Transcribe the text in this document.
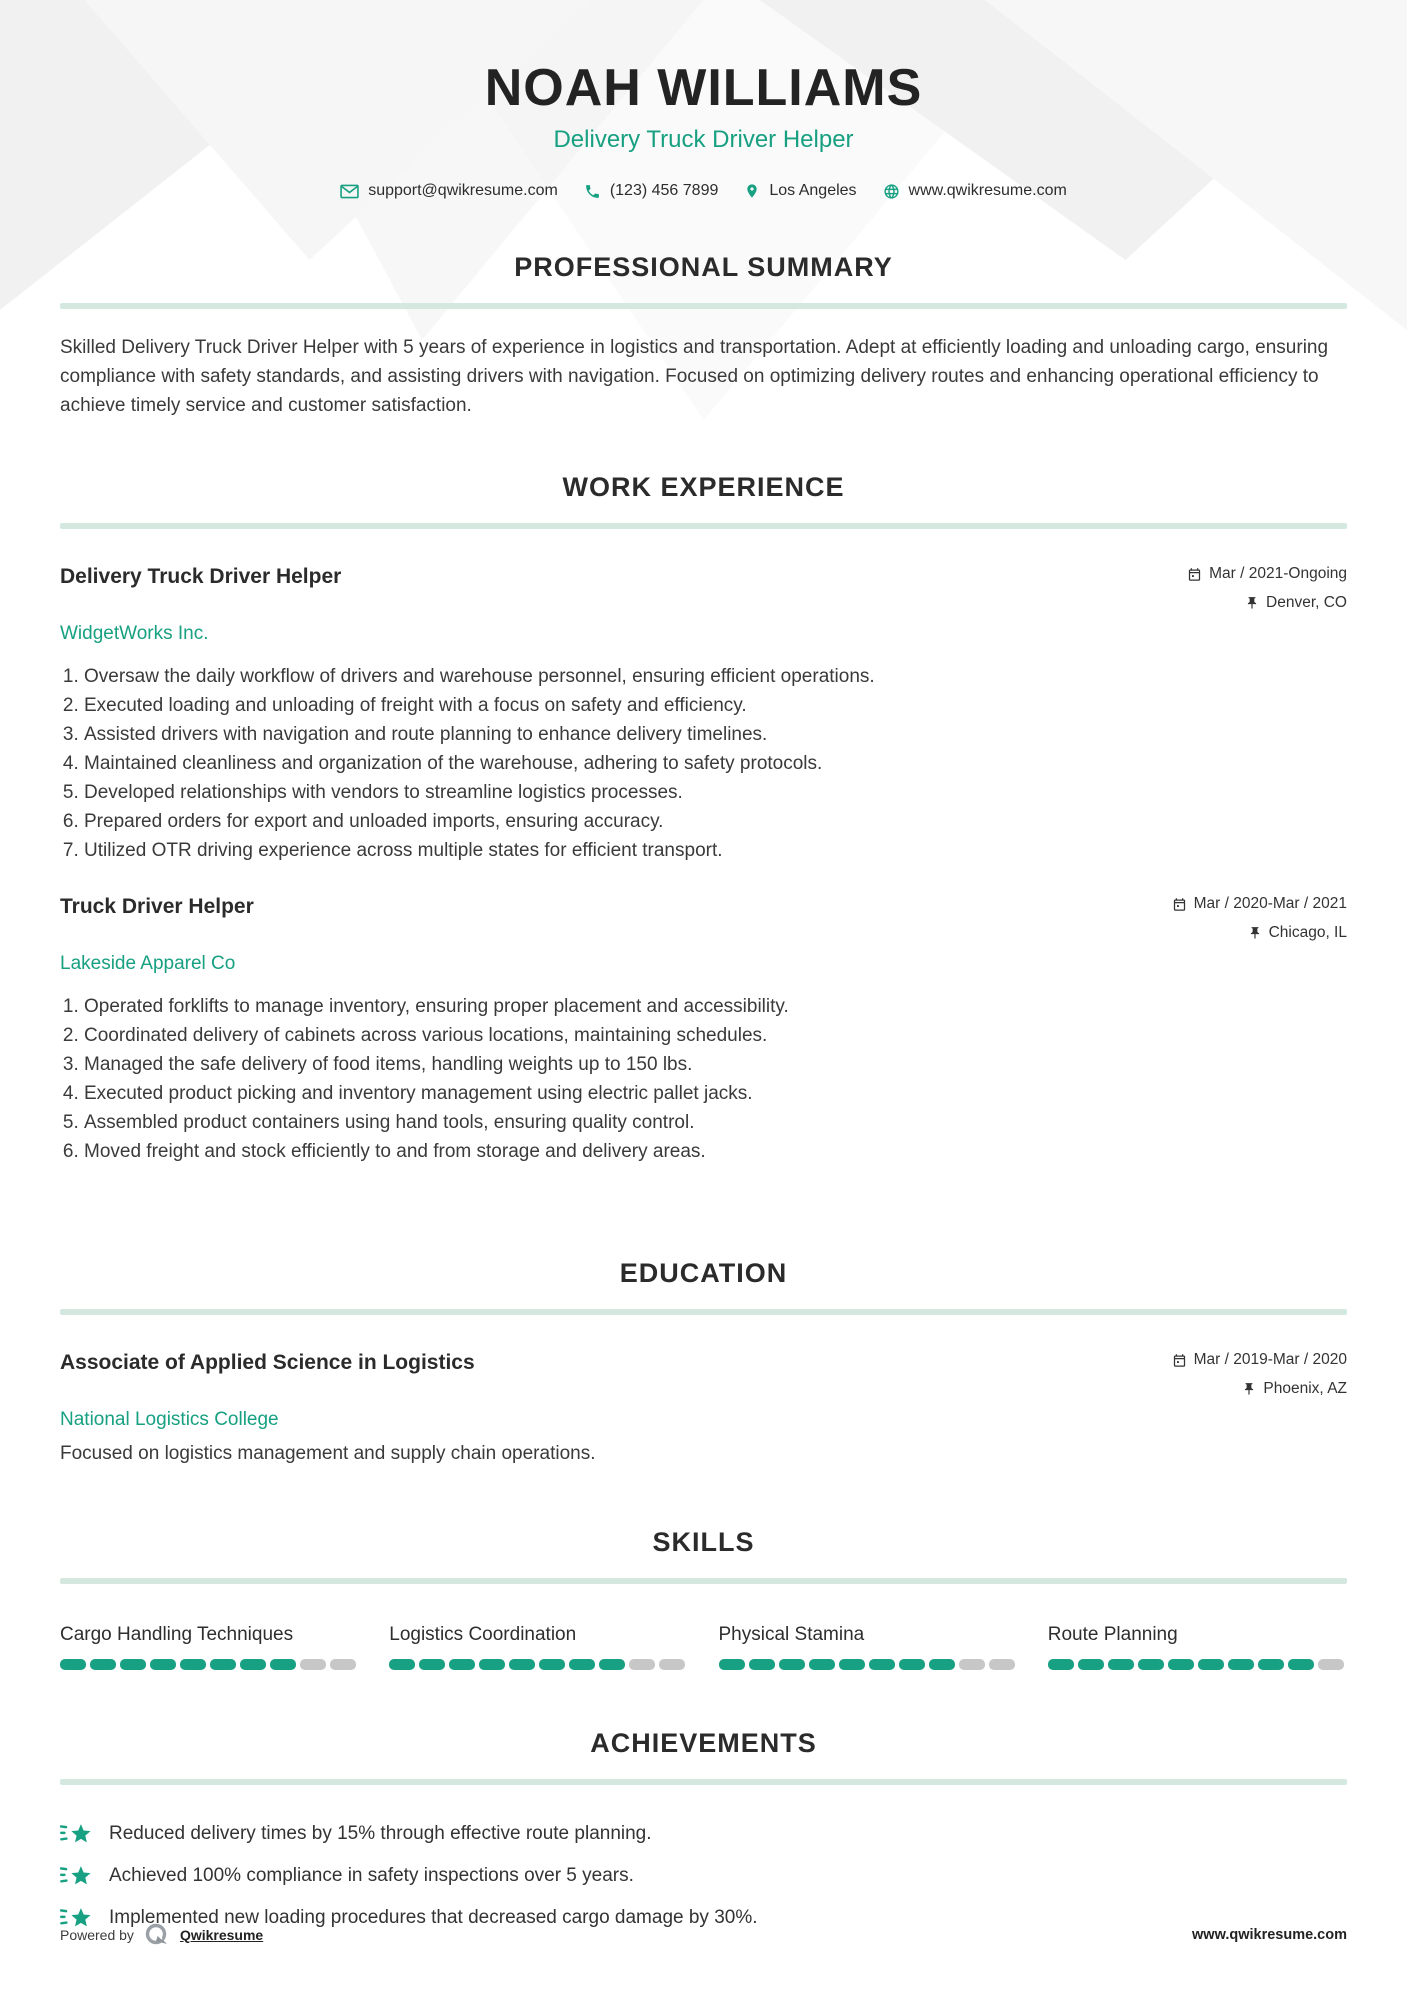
NOAH WILLIAMS
Delivery Truck Driver Helper
support@qwikresume.com	(123) 456 7899	Los Angeles	www.qwikresume.com
PROFESSIONAL SUMMARY

Skilled Delivery Truck Driver Helper with 5 years of experience in logistics and transportation. Adept at efficiently loading and unloading cargo, ensuring compliance with safety standards, and assisting drivers with navigation. Focused on optimizing delivery routes and enhancing operational efficiency to achieve timely service and customer satisfaction.

WORK EXPERIENCE
Delivery Truck Driver Helper	Mar / 2021-Ongoing
Denver, CO
WidgetWorks Inc.
1. Oversaw the daily workflow of drivers and warehouse personnel, ensuring efficient operations.
2. Executed loading and unloading of freight with a focus on safety and efficiency.
3. Assisted drivers with navigation and route planning to enhance delivery timelines.
4. Maintained cleanliness and organization of the warehouse, adhering to safety protocols.
5. Developed relationships with vendors to streamline logistics processes.
6. Prepared orders for export and unloaded imports, ensuring accuracy.
7. Utilized OTR driving experience across multiple states for efficient transport.
Truck Driver Helper	Mar / 2020-Mar / 2021
Chicago, IL
Lakeside Apparel Co
1. Operated forklifts to manage inventory, ensuring proper placement and accessibility.
2. Coordinated delivery of cabinets across various locations, maintaining schedules.
3. Managed the safe delivery of food items, handling weights up to 150 lbs.
4. Executed product picking and inventory management using electric pallet jacks.
5. Assembled product containers using hand tools, ensuring quality control.
6. Moved freight and stock efficiently to and from storage and delivery areas.
EDUCATION
Associate of Applied Science in Logistics	Mar / 2019-Mar / 2020
Phoenix, AZ
National Logistics College
Focused on logistics management and supply chain operations.
SKILLS
Cargo Handling Techniques	Logistics Coordination	Physical Stamina	Route Planning
ACHIEVEMENTS
Reduced delivery times by 15% through effective route planning.
Achieved 100% compliance in safety inspections over 5 years.
Implemented new loading procedures that decreased cargo damage by 30%.
Powered by	Qwikresume	www.qwikresume.com
